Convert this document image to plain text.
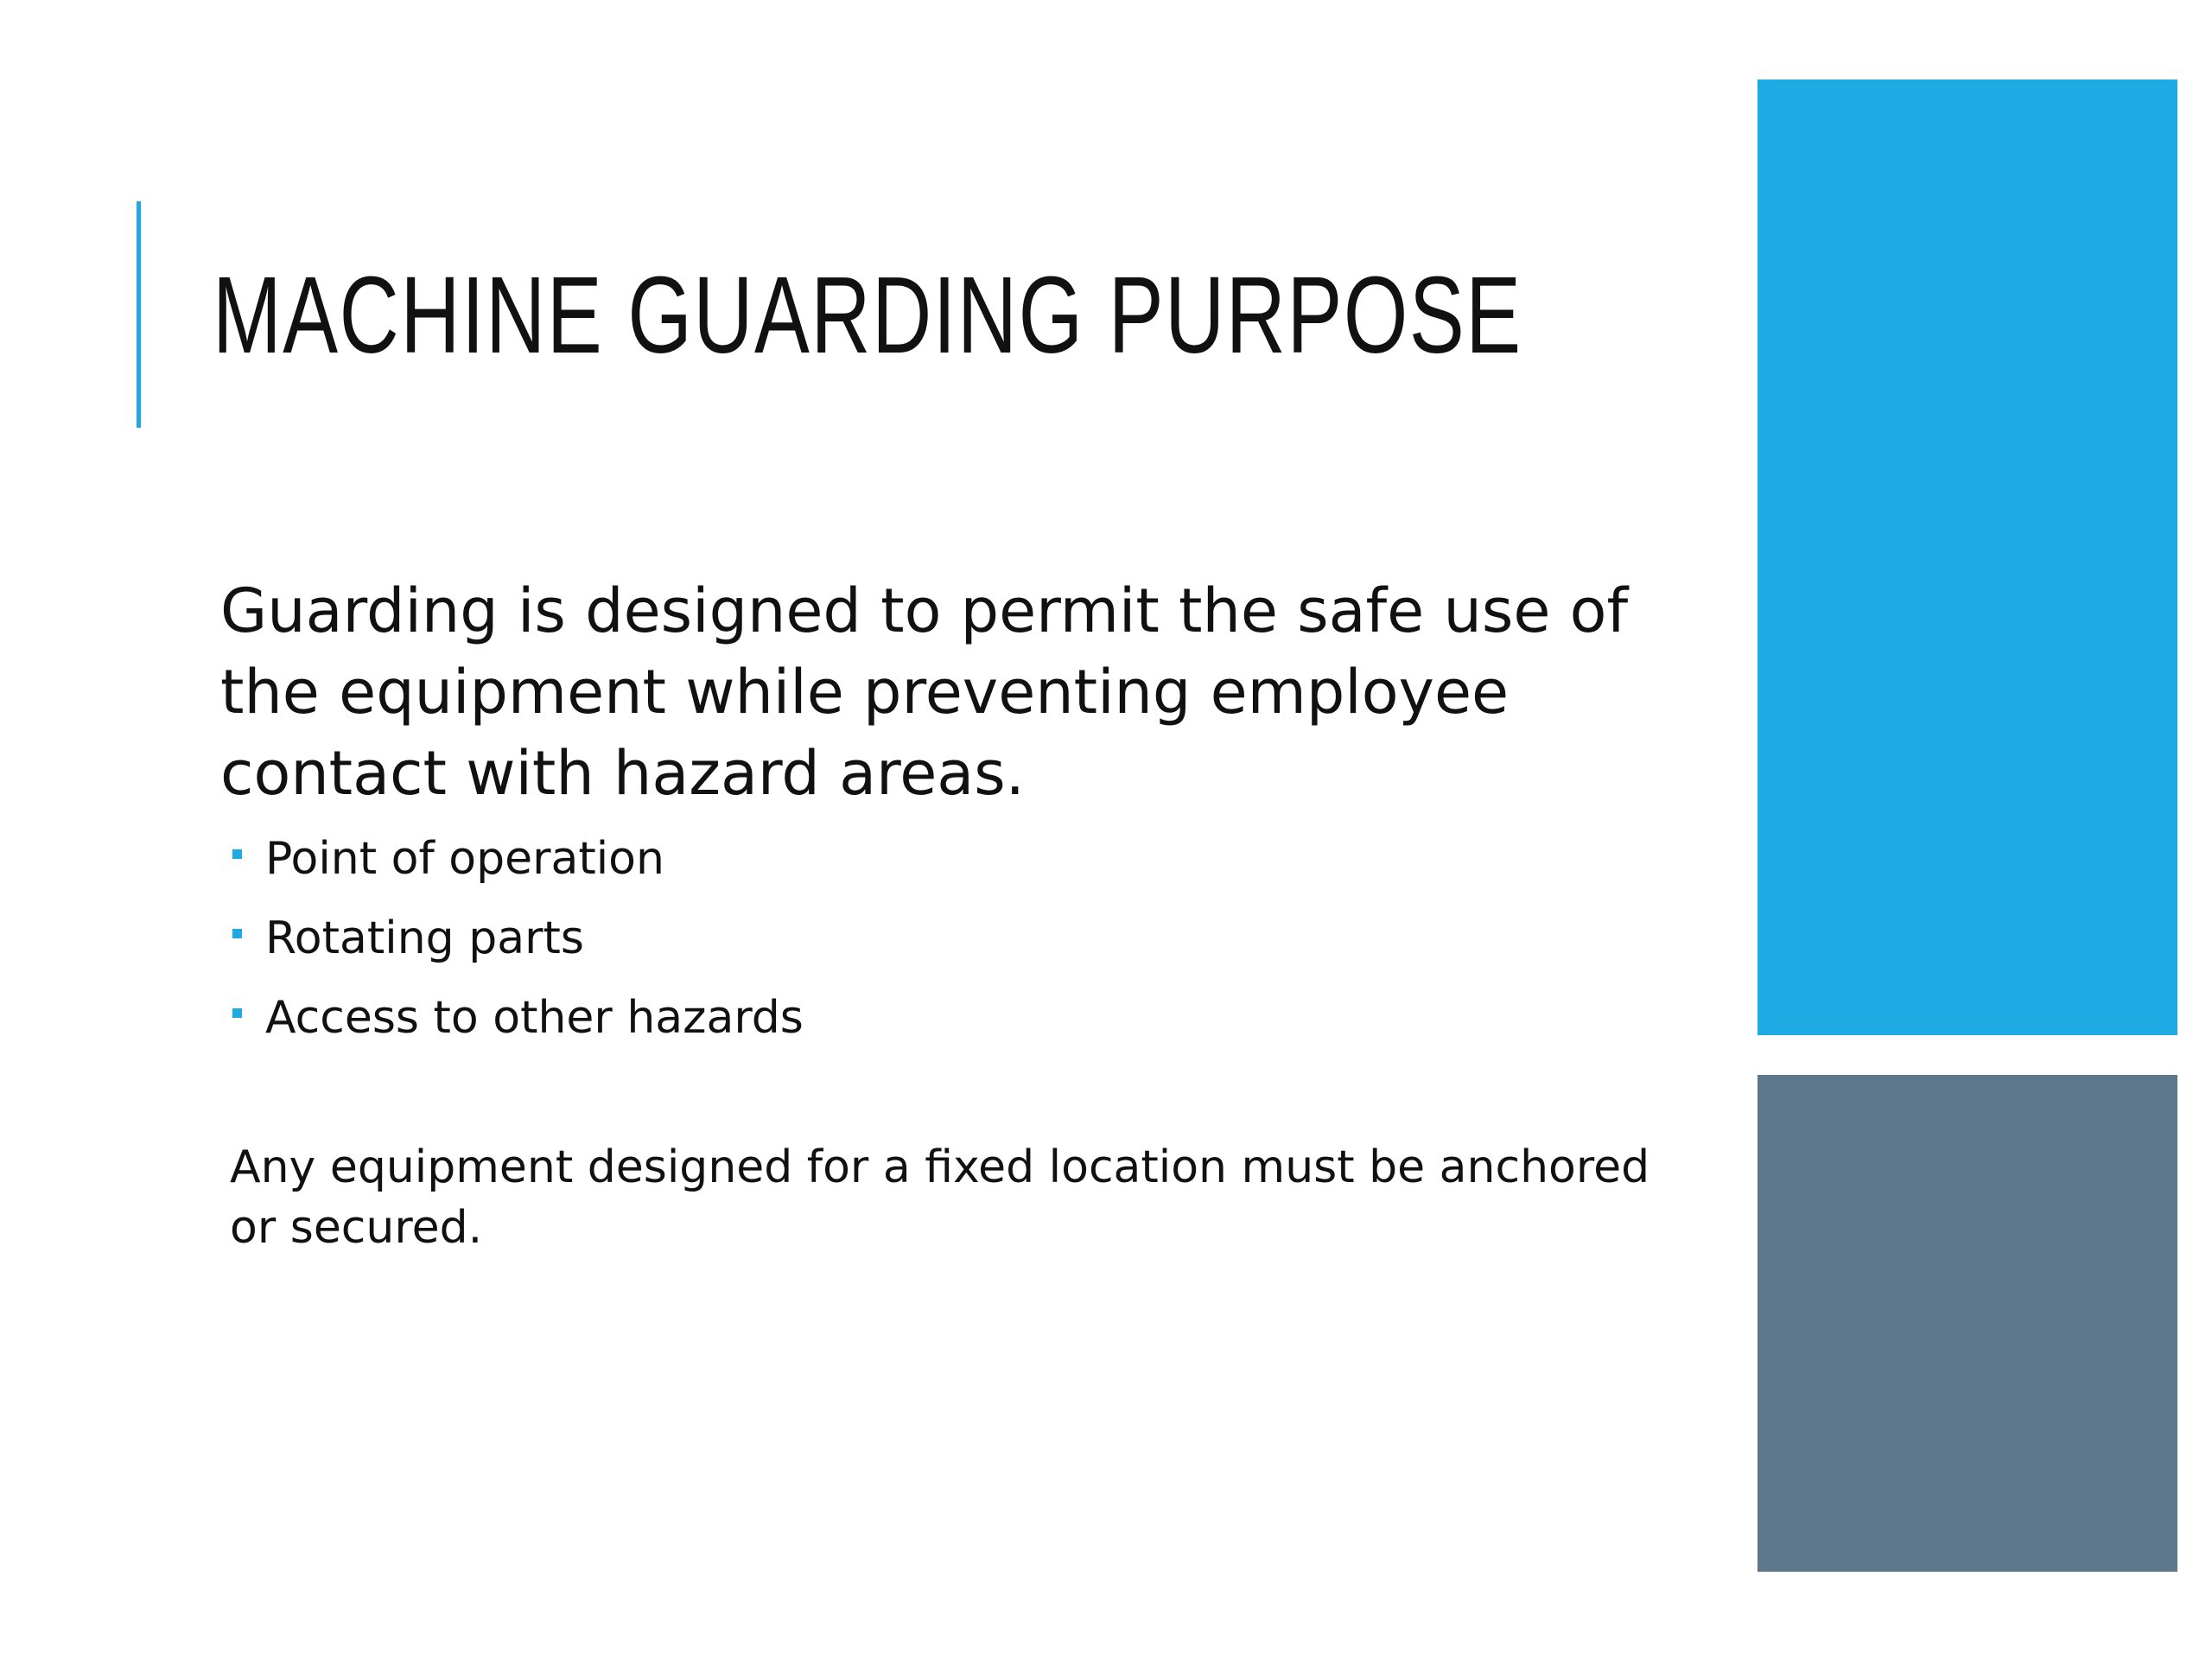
MACHINE GUARDING PURPOSE

Guarding is designed to permit the safe use of the equipment while preventing employee contact with hazard areas.

Point of operation
Rotating parts
Access to other hazards

Any equipment designed for a fixed location must be anchored or secured.
